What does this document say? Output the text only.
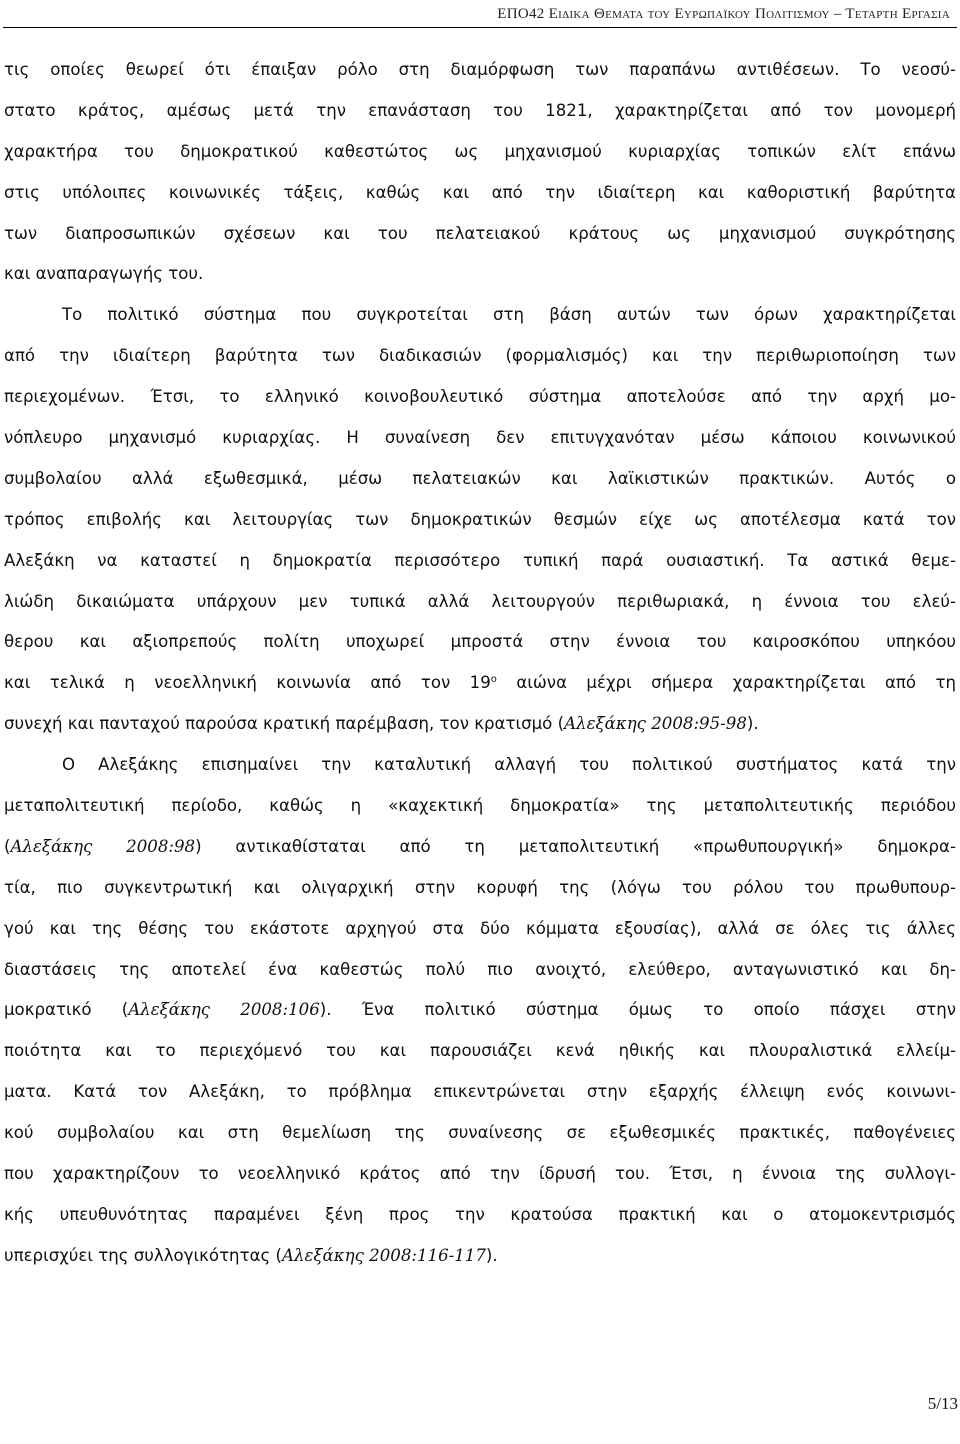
ΕΠΟ42 Ειδικα Θεματα του Ευρωπαϊκου Πολιτισμου – Τεταρτη Εργασια
τις οποίες θεωρεί ότι έπαιξαν ρόλο στη διαμόρφωση των παραπάνω αντιθέσεων. Το νεοσύ-
στατο κράτος, αμέσως μετά την επανάσταση του 1821, χαρακτηρίζεται από τον μονομερή
χαρακτήρα του δημοκρατικού καθεστώτος ως μηχανισμού κυριαρχίας τοπικών ελίτ επάνω
στις υπόλοιπες κοινωνικές τάξεις, καθώς και από την ιδιαίτερη και καθοριστική βαρύτητα
των διαπροσωπικών σχέσεων και του πελατειακού κράτους ως μηχανισμού συγκρότησης
και αναπαραγωγής του.
Το πολιτικό σύστημα που συγκροτείται στη βάση αυτών των όρων χαρακτηρίζεται
από την ιδιαίτερη βαρύτητα των διαδικασιών (φορμαλισμός) και την περιθωριοποίηση των
περιεχομένων. Έτσι, το ελληνικό κοινοβουλευτικό σύστημα αποτελούσε από την αρχή μο-
νόπλευρο μηχανισμό κυριαρχίας. Η συναίνεση δεν επιτυγχανόταν μέσω κάποιου κοινωνικού
συμβολαίου αλλά εξωθεσμικά, μέσω πελατειακών και λαϊκιστικών πρακτικών. Αυτός ο
τρόπος επιβολής και λειτουργίας των δημοκρατικών θεσμών είχε ως αποτέλεσμα κατά τον
Αλεξάκη να καταστεί η δημοκρατία περισσότερο τυπική παρά ουσιαστική. Τα αστικά θεμε-
λιώδη δικαιώματα υπάρχουν μεν τυπικά αλλά λειτουργούν περιθωριακά, η έννοια του ελεύ-
θερου και αξιοπρεπούς πολίτη υποχωρεί μπροστά στην έννοια του καιροσκόπου υπηκόου
και τελικά η νεοελληνική κοινωνία από τον $19^o$ αιώνα μέχρι σήμερα χαρακτηρίζεται από τη
συνεχή και πανταχού παρούσα κρατική παρέμβαση, τον κρατισμό (Αλεξάκης 2008:95-98).
Ο Αλεξάκης επισημαίνει την καταλυτική αλλαγή του πολιτικού συστήματος κατά την
μεταπολιτευτική περίοδο, καθώς η «καχεκτική δημοκρατία» της μεταπολιτευτικής περιόδου
(Αλεξάκης 2008:98) αντικαθίσταται από τη μεταπολιτευτική «πρωθυπουργική» δημοκρα-
τία, πιο συγκεντρωτική και ολιγαρχική στην κορυφή της (λόγω του ρόλου του πρωθυπουρ-
γού και της θέσης του εκάστοτε αρχηγού στα δύο κόμματα εξουσίας), αλλά σε όλες τις άλλες
διαστάσεις της αποτελεί ένα καθεστώς πολύ πιο ανοιχτό, ελεύθερο, ανταγωνιστικό και δη-
μοκρατικό (Αλεξάκης 2008:106). Ένα πολιτικό σύστημα όμως το οποίο πάσχει στην
ποιότητα και το περιεχόμενό του και παρουσιάζει κενά ηθικής και πλουραλιστικά ελλείμ-
ματα. Κατά τον Αλεξάκη, το πρόβλημα επικεντρώνεται στην εξαρχής έλλειψη ενός κοινωνι-
κού συμβολαίου και στη θεμελίωση της συναίνεσης σε εξωθεσμικές πρακτικές, παθογένειες
που χαρακτηρίζουν το νεοελληνικό κράτος από την ίδρυσή του. Έτσι, η έννοια της συλλογι-
κής υπευθυνότητας παραμένει ξένη προς την κρατούσα πρακτική και ο ατομοκεντρισμός
υπερισχύει της συλλογικότητας (Αλεξάκης 2008:116-117).
5/13
